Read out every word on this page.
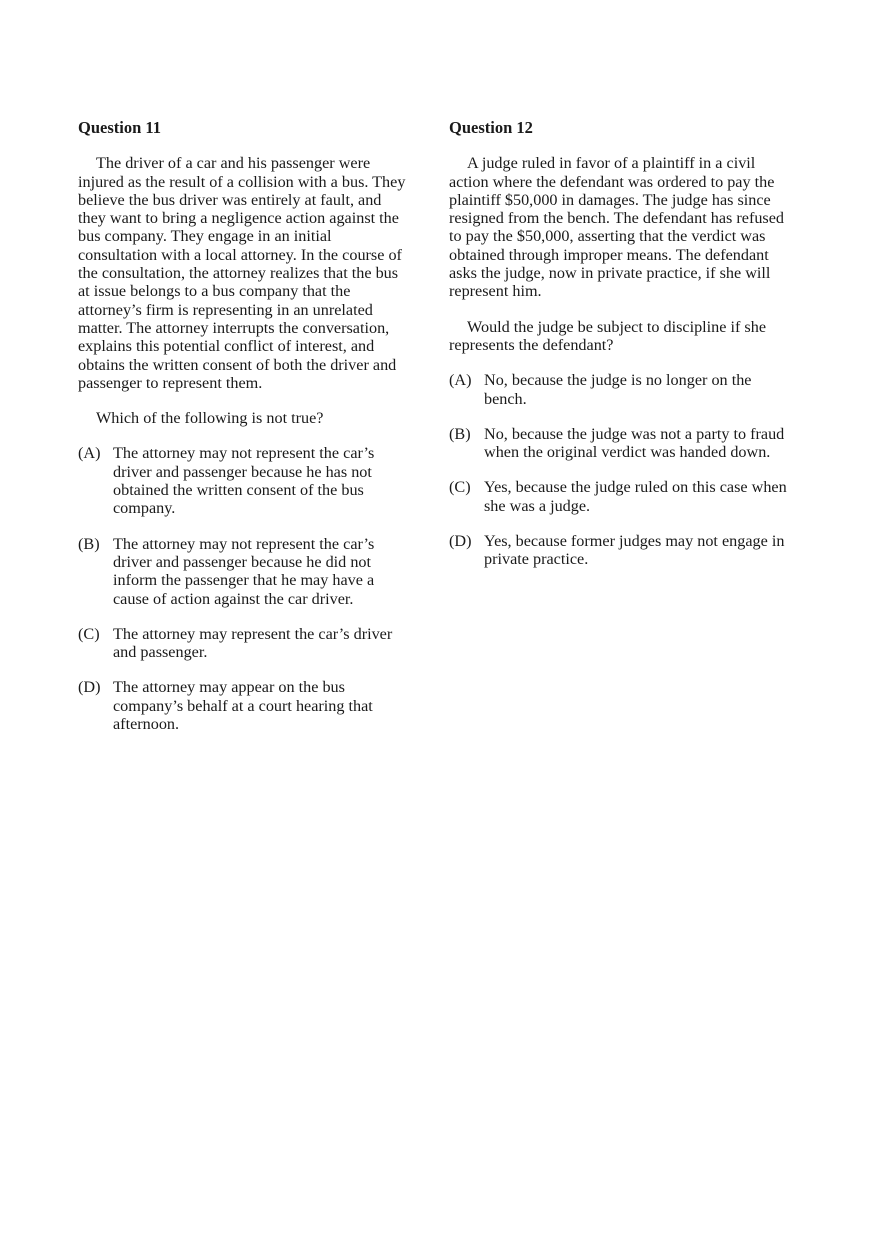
Question 11

The driver of a car and his passenger were injured as the result of a collision with a bus. They believe the bus driver was entirely at fault, and they want to bring a negligence action against the bus company. They engage in an initial consultation with a local attorney. In the course of the consultation, the attorney realizes that the bus at issue belongs to a bus company that the attorney’s firm is representing in an unrelated matter. The attorney interrupts the conversation, explains this potential conflict of interest, and obtains the written consent of both the driver and passenger to represent them.

Which of the following is not true?

(A) The attorney may not represent the car’s driver and passenger because he has not obtained the written consent of the bus company.
(B) The attorney may not represent the car’s driver and passenger because he did not inform the passenger that he may have a cause of action against the car driver.
(C) The attorney may represent the car’s driver and passenger.
(D) The attorney may appear on the bus company’s behalf at a court hearing that afternoon.
Question 12

A judge ruled in favor of a plaintiff in a civil action where the defendant was ordered to pay the plaintiff $50,000 in damages. The judge has since resigned from the bench. The defendant has refused to pay the $50,000, asserting that the verdict was obtained through improper means. The defendant asks the judge, now in private practice, if she will represent him.

Would the judge be subject to discipline if she represents the defendant?

(A) No, because the judge is no longer on the bench.
(B) No, because the judge was not a party to fraud when the original verdict was handed down.
(C) Yes, because the judge ruled on this case when she was a judge.
(D) Yes, because former judges may not engage in private practice.
